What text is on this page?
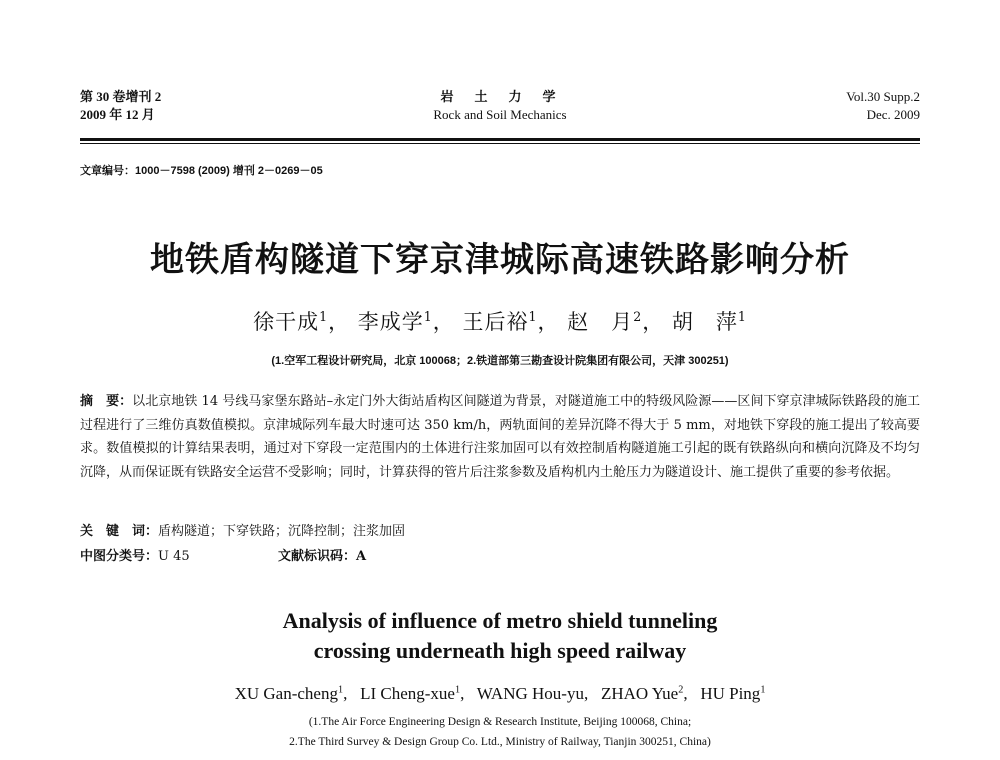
第 30 卷增刊 2
2009 年 12 月
岩　土　力　学
Rock and Soil Mechanics
Vol.30 Supp.2
Dec. 2009
文章编号：1000－7598 (2009) 增刊 2－0269－05
地铁盾构隧道下穿京津城际高速铁路影响分析
徐干成$^1$， 李成学$^1$， 王后裕$^1$， 赵　月$^2$， 胡　萍$^1$
(1.空军工程设计研究局，北京 100068；2.铁道部第三勘查设计院集团有限公司，天津 300251)
摘　要：以北京地铁 14 号线马家堡东路站–永定门外大街站盾构区间隧道为背景，对隧道施工中的特级风险源——区间下穿京津城际铁路段的施工过程进行了三维仿真数值模拟。京津城际列车最大时速可达 350 km/h，两轨面间的差异沉降不得大于 5 mm，对地铁下穿段的施工提出了较高要求。数值模拟的计算结果表明，通过对下穿段一定范围内的土体进行注浆加固可以有效控制盾构隧道施工引起的既有铁路纵向和横向沉降及不均匀沉降，从而保证既有铁路安全运营不受影响；同时，计算获得的管片后注浆参数及盾构机内土舱压力为隧道设计、施工提供了重要的参考依据。
关　键　词：盾构隧道；下穿铁路；沉降控制；注浆加固
中图分类号：U 45	文献标识码：A
Analysis of influence of metro shield tunneling
crossing underneath high speed railway
XU Gan-cheng$^1$, LI Cheng-xue$^1$, WANG Hou-yu, ZHAO Yue$^2$, HU Ping$^1$
(1.The Air Force Engineering Design & Research Institute, Beijing 100068, China;
2.The Third Survey & Design Group Co. Ltd., Ministry of Railway, Tianjin 300251, China)
